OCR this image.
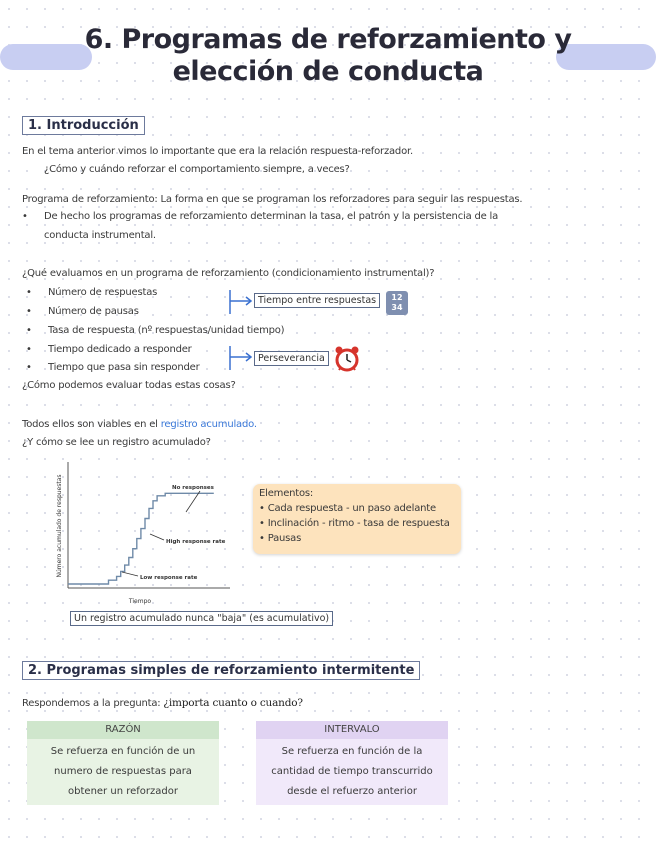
6. Programas de reforzamiento y
elección de conducta
1. Introducción
En el tema anterior vimos lo importante que era la relación respuesta-reforzador.
¿Cómo y cuándo reforzar el comportamiento siempre, a veces?
Programa de reforzamiento: La forma en que se programan los reforzadores para seguir las respuestas.
• De hecho los programas de reforzamiento determinan la tasa, el patrón y la persistencia de la
conducta instrumental.
¿Qué evaluamos en un programa de reforzamiento (condicionamiento instrumental)?
• Número de respuestas
• Número de pausas
• Tasa de respuesta (nº respuestas/unidad tiempo)
• Tiempo dedicado a responder
• Tiempo que pasa sin responder
Tiempo entre respuestas	12
34
Perseverancia
¿Cómo podemos evaluar todas estas cosas?
Todos ellos son viables en el registro acumulado.
¿Y cómo se lee un registro acumulado?
Número acumulado de respuestas
Tiempo
No responses
High response rate
Low response rate
Elementos:
• Cada respuesta - un paso adelante
• Inclinación - ritmo - tasa de respuesta
• Pausas
Un registro acumulado nunca "baja" (es acumulativo)
2. Programas simples de reforzamiento intermitente
Respondemos a la pregunta: ¿importa cuanto o cuando?
RAZÓN
Se refuerza en función de un
numero de respuestas para
obtener un reforzador
INTERVALO
Se refuerza en función de la
cantidad de tiempo transcurrido
desde el refuerzo anterior
